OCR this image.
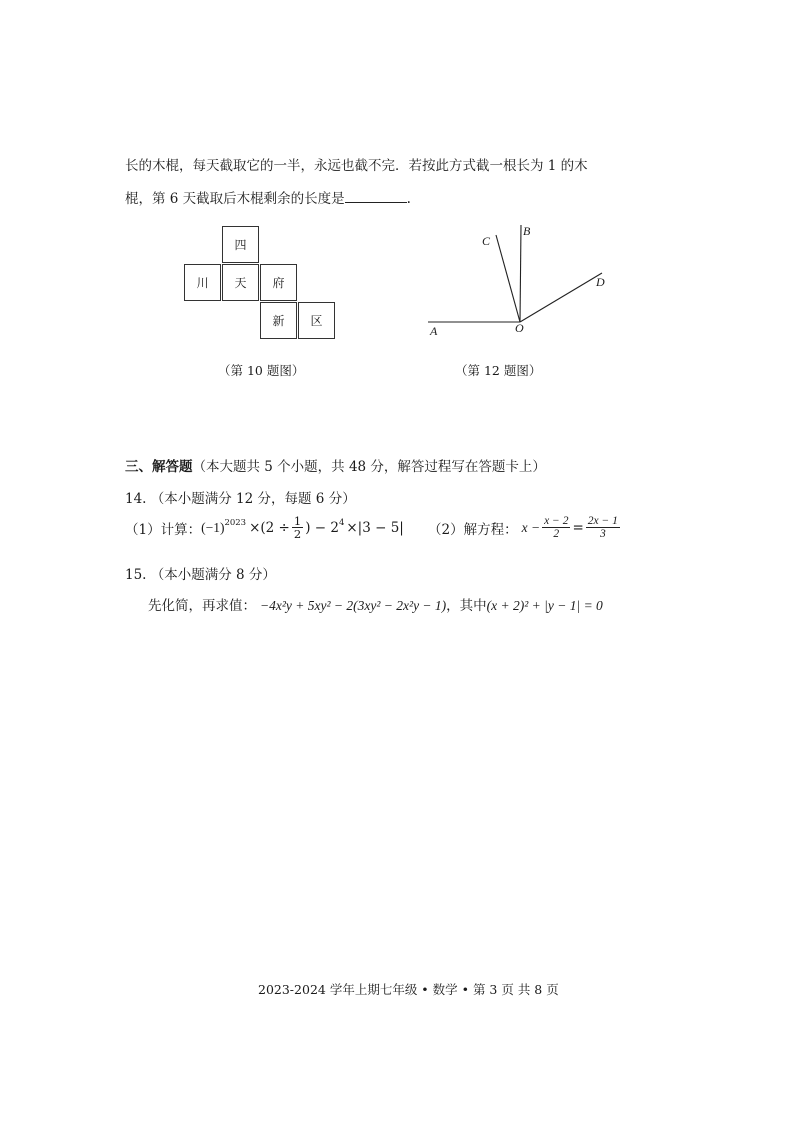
长的木棍，每天截取它的一半，永远也截不完．若按此方式截一根长为 1 的木
棍，第 6 天截取后木棍剩余的长度是	.
四
川	天	府
新	区
（第 10 题图）
A
B
C
D
O
（第 12 题图）
三、解答题（本大题共 5 个小题，共 48 分，解答过程写在答题卡上）
14. （本小题满分 12 分，每题 6 分）
（1）计算： $(-1)^{2023} \times(2 \div \frac{1}{2}$ ) − $2^4 \times|3 - 5|$ （2）解方程： $x - \frac{x - 2}{2} = \frac{2x - 1}{3}$
15. （本小题满分 8 分）
先化简，再求值： −4x²y + 5xy² − 2(3xy² − 2x²y − 1)，其中(x + 2)² + |y − 1| = 0
2023-2024 学年上期七年级 • 数学 • 第 3 页 共 8 页
